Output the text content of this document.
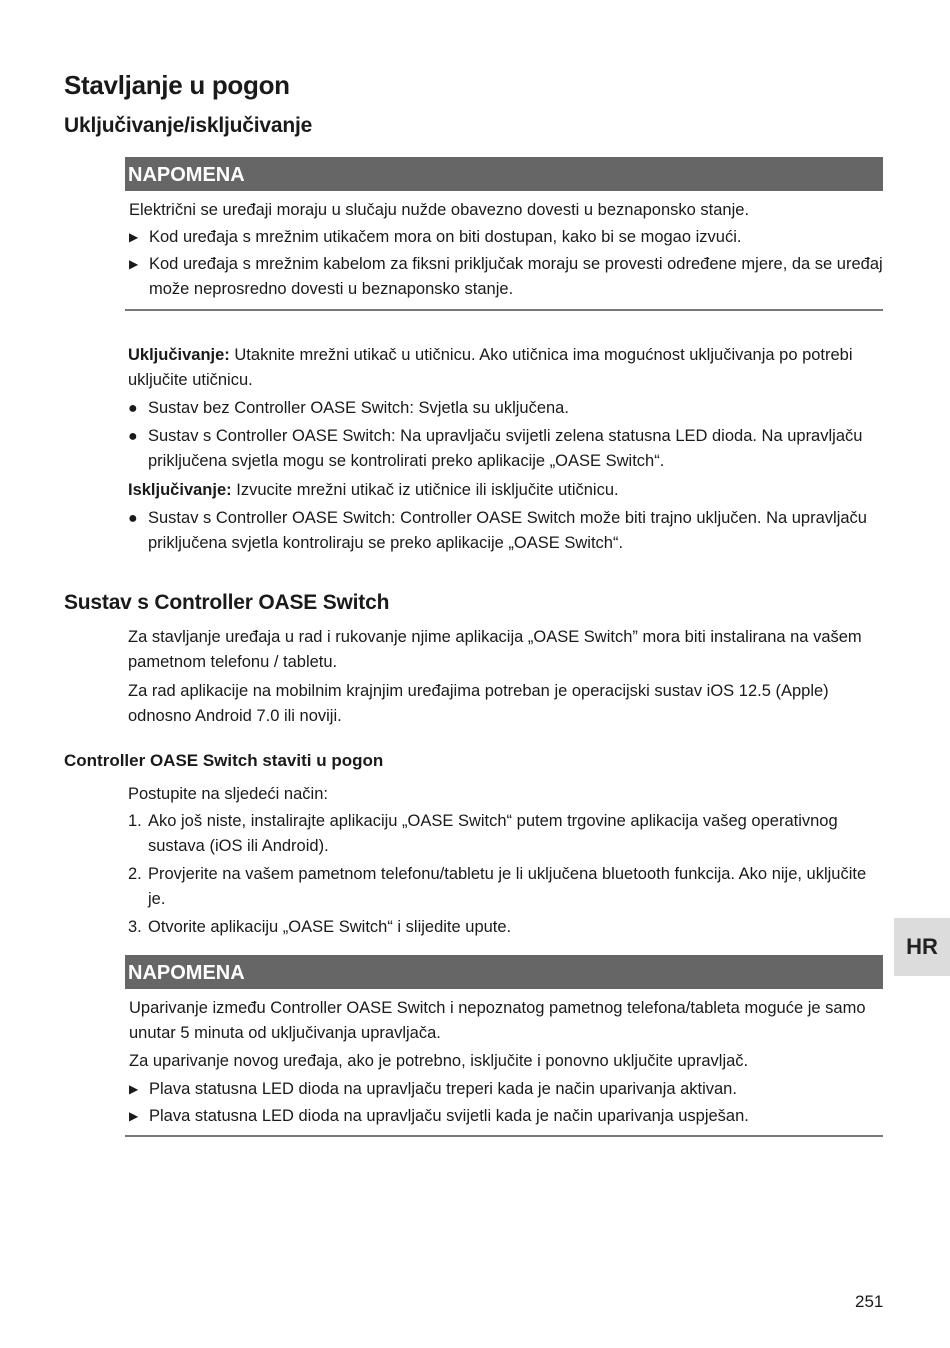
Stavljanje u pogon
Uključivanje/isključivanje
NAPOMENA

Električni se uređaji moraju u slučaju nužde obavezno dovesti u beznaponsko stanje.

▶ Kod uređaja s mrežnim utikačem mora on biti dostupan, kako bi se mogao izvući.
▶ Kod uređaja s mrežnim kabelom za fiksni priključak moraju se provesti određene mjere, da se uređaj može neprosredno dovesti u beznaponsko stanje.

Uključivanje: Utaknite mrežni utikač u utičnicu. Ako utičnica ima mogućnost uključivanja po potrebi uključite utičnicu.

● Sustav bez Controller OASE Switch: Svjetla su uključena.
● Sustav s Controller OASE Switch: Na upravljaču svijetli zelena statusna LED dioda. Na upravljaču priključena svjetla mogu se kontrolirati preko aplikacije „OASE Switch“.

Isključivanje: Izvucite mrežni utikač iz utičnice ili isključite utičnicu.

● Sustav s Controller OASE Switch: Controller OASE Switch može biti trajno uključen. Na upravljaču priključena svjetla kontroliraju se preko aplikacije „OASE Switch“.
Sustav s Controller OASE Switch

Za stavljanje uređaja u rad i rukovanje njime aplikacija „OASE Switch” mora biti instalirana na vašem pametnom telefonu / tabletu.

Za rad aplikacije na mobilnim krajnjim uređajima potreban je operacijski sustav iOS 12.5 (Apple) odnosno Android 7.0 ili noviji.

Controller OASE Switch staviti u pogon

Postupite na sljedeći način:

1. Ako još niste, instalirajte aplikaciju „OASE Switch“ putem trgovine aplikacija vašeg operativnog sustava (iOS ili Android).
2. Provjerite na vašem pametnom telefonu/tabletu je li uključena bluetooth funkcija. Ako nije, uključite je.
3. Otvorite aplikaciju „OASE Switch“ i slijedite upute.
NAPOMENA

Uparivanje između Controller OASE Switch i nepoznatog pametnog telefona/tableta moguće je samo unutar 5 minuta od uključivanja upravljača.

Za uparivanje novog uređaja, ako je potrebno, isključite i ponovno uključite upravljač.

▶ Plava statusna LED dioda na upravljaču treperi kada je način uparivanja aktivan.
▶ Plava statusna LED dioda na upravljaču svijetli kada je način uparivanja uspješan.
HR
251
